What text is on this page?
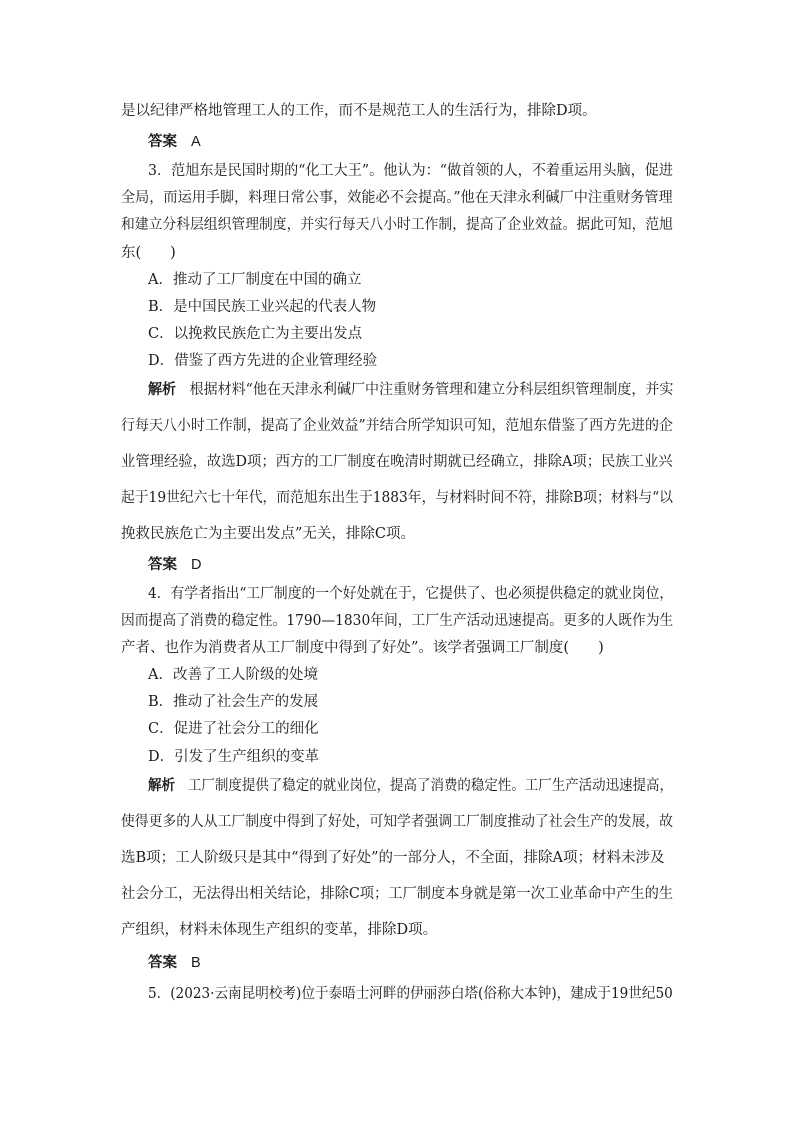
是以纪律严格地管理工人的工作，而不是规范工人的生活行为，排除D项。
答案 A
3．范旭东是民国时期的“化工大王”。他认为：“做首领的人，不着重运用头脑，促进
全局，而运用手脚，料理日常公事，效能必不会提高。”他在天津永利碱厂中注重财务管理
和建立分科层组织管理制度，并实行每天八小时工作制，提高了企业效益。据此可知，范旭
东(　　)
A．推动了工厂制度在中国的确立
B．是中国民族工业兴起的代表人物
C．以挽救民族危亡为主要出发点
D．借鉴了西方先进的企业管理经验
解析 根据材料“他在天津永利碱厂中注重财务管理和建立分科层组织管理制度，并实
行每天八小时工作制，提高了企业效益”并结合所学知识可知，范旭东借鉴了西方先进的企
业管理经验，故选D项；西方的工厂制度在晚清时期就已经确立，排除A项；民族工业兴
起于19世纪六七十年代，而范旭东出生于1883年，与材料时间不符，排除B项；材料与“以
挽救民族危亡为主要出发点”无关，排除C项。
答案 D
4．有学者指出“工厂制度的一个好处就在于，它提供了、也必须提供稳定的就业岗位，
因而提高了消费的稳定性。1790—1830年间，工厂生产活动迅速提高。更多的人既作为生
产者、也作为消费者从工厂制度中得到了好处”。该学者强调工厂制度(　　)
A．改善了工人阶级的处境
B．推动了社会生产的发展
C．促进了社会分工的细化
D．引发了生产组织的变革
解析 工厂制度提供了稳定的就业岗位，提高了消费的稳定性。工厂生产活动迅速提高，
使得更多的人从工厂制度中得到了好处，可知学者强调工厂制度推动了社会生产的发展，故
选B项；工人阶级只是其中“得到了好处”的一部分人，不全面，排除A项；材料未涉及
社会分工，无法得出相关结论，排除C项；工厂制度本身就是第一次工业革命中产生的生
产组织，材料未体现生产组织的变革，排除D项。
答案 B
5．(2023·云南昆明校考)位于泰晤士河畔的伊丽莎白塔(俗称大本钟)，建成于19世纪50
